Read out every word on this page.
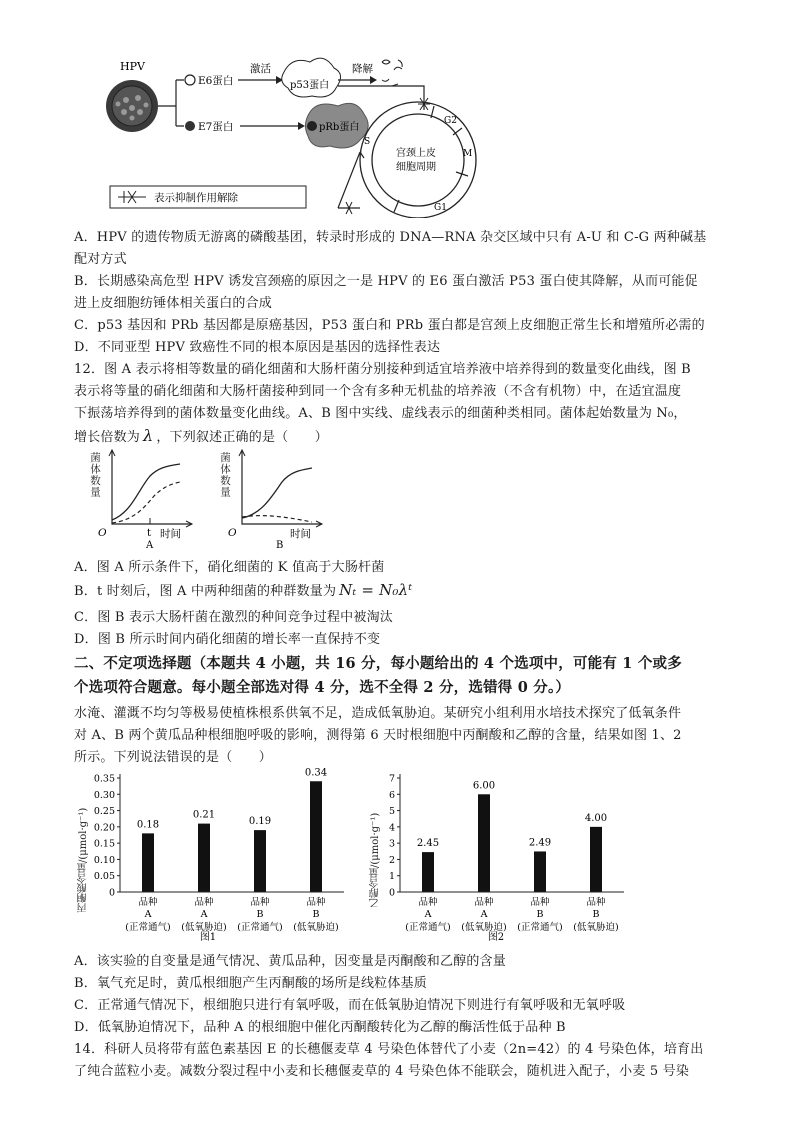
HPV
E6蛋白
E7蛋白
激活
p53蛋白
降解
pRb蛋白
G2
M
S
G1
宫颈上皮
细胞周期
表示抑制作用解除
A．HPV 的遗传物质无游离的磷酸基团，转录时形成的 DNA—RNA 杂交区域中只有 A-U 和 C-G 两种碱基
配对方式
B．长期感染高危型 HPV 诱发宫颈癌的原因之一是 HPV 的 E6 蛋白激活 P53 蛋白使其降解，从而可能促
进上皮细胞纺锤体相关蛋白的合成
C．p53 基因和 PRb 基因都是原癌基因，P53 蛋白和 PRb 蛋白都是宫颈上皮细胞正常生长和增殖所必需的
D．不同亚型 HPV 致癌性不同的根本原因是基因的选择性表达
12．图 A 表示将相等数量的硝化细菌和大肠杆菌分别接种到适宜培养液中培养得到的数量变化曲线，图 B
表示将等量的硝化细菌和大肠杆菌接种到同一个含有多种无机盐的培养液（不含有机物）中，在适宜温度
下振荡培养得到的菌体数量变化曲线。A、B 图中实线、虚线表示的细菌种类相同。菌体起始数量为 N₀，
增长倍数为 λ ，下列叙述正确的是（　　）
O	t 时间
A
O	时间
B
菌体数量	菌体数量
A．图 A 所示条件下，硝化细菌的 K 值高于大肠杆菌
B．t 时刻后，图 A 中两种细菌的种群数量为 Nₜ = N₀λᵗ
C．图 B 表示大肠杆菌在激烈的种间竞争过程中被淘汰
D．图 B 所示时间内硝化细菌的增长率一直保持不变
二、不定项选择题（本题共 4 小题，共 16 分，每小题给出的 4 个选项中，可能有 1 个或多
个选项符合题意。每小题全部选对得 4 分，选不全得 2 分，选错得 0 分。）
水淹、灌溉不均匀等极易使植株根系供氧不足，造成低氧胁迫。某研究小组利用水培技术探究了低氧条件
对 A、B 两个黄瓜品种根细胞呼吸的影响，测得第 6 天时根细胞中丙酮酸和乙醇的含量，结果如图 1、2
所示。下列说法错误的是（　　）
0
0.05
0.10
0.15
0.20
0.25
0.30
0.35
0.18
品种
A
(正常通气)
0.21
品种
A
(低氧胁迫)
0.19
品种
B
(正常通气)
0.34
品种
B
(低氧胁迫)
图1
丙酮酸含量/(μmol·g⁻¹)	0
1
2
3
4
5
6
7
2.45
品种
A
(正常通气)
6.00
品种
A
(低氧胁迫)
2.49
品种
B
(正常通气)
4.00
品种
B
(低氧胁迫)
图2
乙醇含量/(μmol·g⁻¹)
A．该实验的自变量是通气情况、黄瓜品种，因变量是丙酮酸和乙醇的含量
B．氧气充足时，黄瓜根细胞产生丙酮酸的场所是线粒体基质
C．正常通气情况下，根细胞只进行有氧呼吸，而在低氧胁迫情况下则进行有氧呼吸和无氧呼吸
D．低氧胁迫情况下，品种 A 的根细胞中催化丙酮酸转化为乙醇的酶活性低于品种 B
14．科研人员将带有蓝色素基因 E 的长穗偃麦草 4 号染色体替代了小麦（2n=42）的 4 号染色体，培育出
了纯合蓝粒小麦。减数分裂过程中小麦和长穗偃麦草的 4 号染色体不能联会，随机进入配子，小麦 5 号染
